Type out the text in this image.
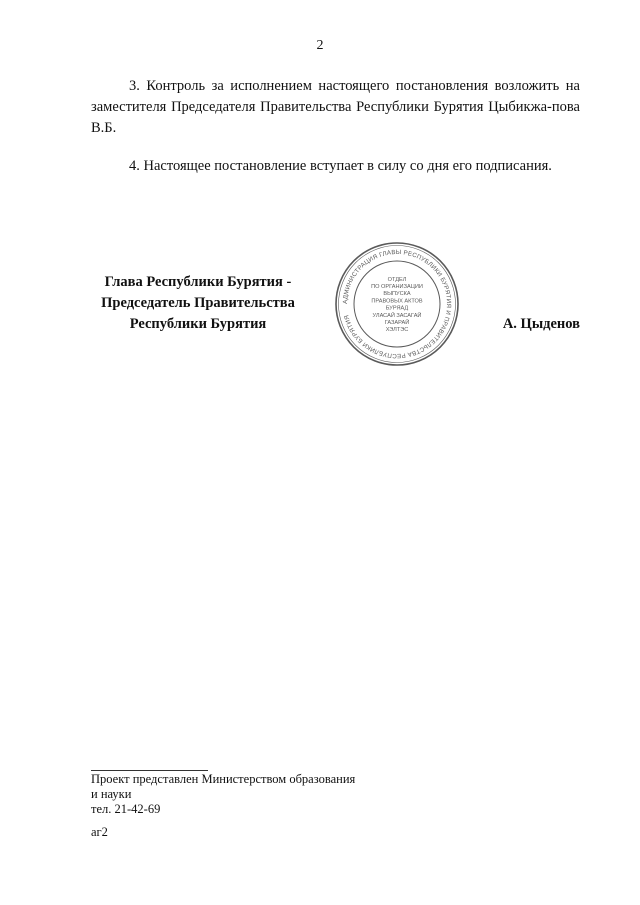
2

3. Контроль за исполнением настоящего постановления возложить на заместителя Председателя Правительства Республики Бурятия Цыбикжа-пова В.Б.

4. Настоящее постановление вступает в силу со дня его подписания.

Глава Республики Бурятия -
Председатель Правительства
Республики Бурятия
АДМИНИСТРАЦИЯ ГЛАВЫ РЕСПУБЛИКИ БУРЯТИЯ И ПРАВИТЕЛЬСТВА РЕСПУБЛИКИ БУРЯТИЯ
ОТДЕЛ
ПО ОРГАНИЗАЦИИ
ВЫПУСКА
ПРАВОВЫХ АКТОВ
БУРЯАД
УЛАСАЙ ЗАСАГАЙ
ГАЗАРАЙ
ХЭЛТЭС	А. Цыденов
Проект представлен Министерством образования
и науки
тел. 21-42-69
аг2
